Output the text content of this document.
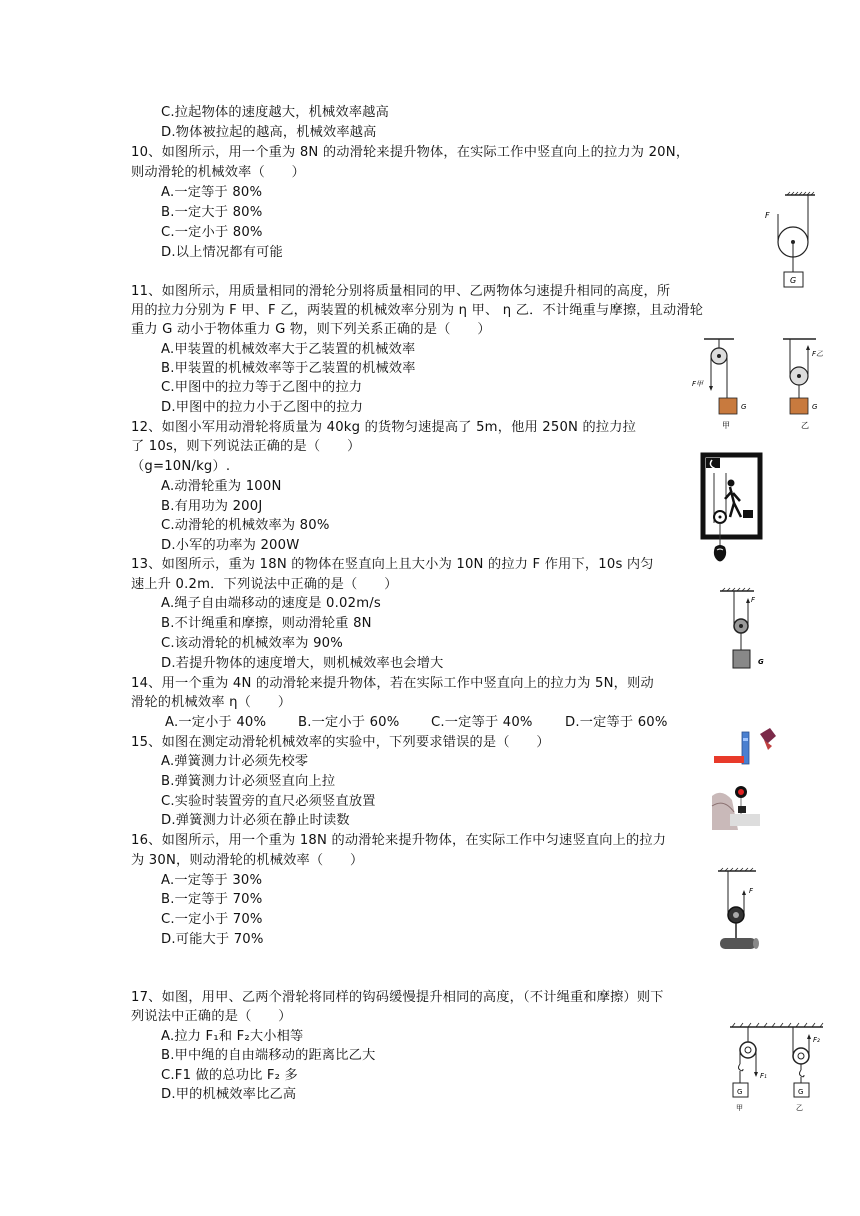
C.拉起物体的速度越大，机械效率越高
D.物体被拉起的越高，机械效率越高
10、如图所示，用一个重为 8N 的动滑轮来提升物体，在实际工作中竖直向上的拉力为 20N，
则动滑轮的机械效率（　　）
A.一定等于 80%
B.一定大于 80%
C.一定小于 80%
D.以上情况都有可能
F
G
11、如图所示，用质量相同的滑轮分别将质量相同的甲、乙两物体匀速提升相同的高度，所
用的拉力分别为 F 甲、F 乙，两装置的机械效率分别为 η 甲、 η 乙．不计绳重与摩擦，且动滑轮
重力 G 动小于物体重力 G 物，则下列关系正确的是（　　）
A.甲装置的机械效率大于乙装置的机械效率
B.甲装置的机械效率等于乙装置的机械效率
C.甲图中的拉力等于乙图中的拉力
D.甲图中的拉力小于乙图中的拉力
F甲
G
甲
F乙
G
乙
12、如图小军用动滑轮将质量为 40kg 的货物匀速提高了 5m，他用 250N 的拉力拉
了 10s，则下列说法正确的是（　　）
（g=10N/kg）.
A.动滑轮重为 100N
B.有用功为 200J
C.动滑轮的机械效率为 80%
D.小军的功率为 200W
13、如图所示，重为 18N 的物体在竖直向上且大小为 10N 的拉力 F 作用下，10s 内匀
速上升 0.2m．下列说法中正确的是（　　）
A.绳子自由端移动的速度是 0.02m/s
B.不计绳重和摩擦，则动滑轮重 8N
C.该动滑轮的机械效率为 90%
D.若提升物体的速度增大，则机械效率也会增大
F
G
14、用一个重为 4N 的动滑轮来提升物体，若在实际工作中竖直向上的拉力为 5N，则动
滑轮的机械效率 η（　　）
A.一定小于 40% B.一定小于 60% C.一定等于 40% D.一定等于 60%
15、如图在测定动滑轮机械效率的实验中，下列要求错误的是（　　）
A.弹簧测力计必须先校零
B.弹簧测力计必须竖直向上拉
C.实验时装置旁的直尺必须竖直放置
D.弹簧测力计必须在静止时读数
16、如图所示，用一个重为 18N 的动滑轮来提升物体，在实际工作中匀速竖直向上的拉力
为 30N，则动滑轮的机械效率（　　）
A.一定等于 30%
B.一定等于 70%
C.一定小于 70%
D.可能大于 70%
F
17、如图，用甲、乙两个滑轮将同样的钩码缓慢提升相同的高度，（不计绳重和摩擦）则下
列说法中正确的是（　　）
A.拉力 F₁和 F₂大小相等
B.甲中绳的自由端移动的距离比乙大
C.F1 做的总功比 F₂ 多
D.甲的机械效率比乙高	G
F₁
甲
G
F₂
乙
